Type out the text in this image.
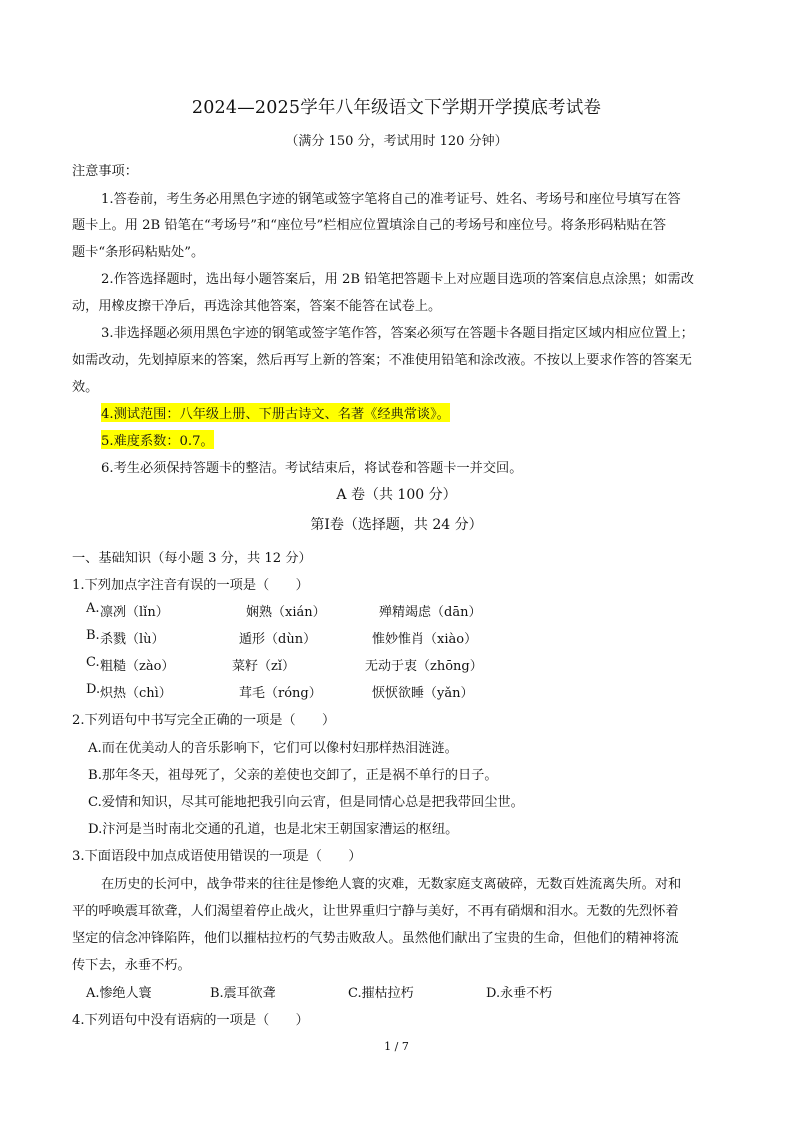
2024—2025学年八年级语文下学期开学摸底考试卷
（满分 150 分，考试用时 120 分钟）
注意事项：
1.答卷前，考生务必用黑色字迹的钢笔或签字笔将自己的准考证号、姓名、考场号和座位号填写在答
题卡上。用 2B 铅笔在“考场号”和“座位号”栏相应位置填涂自己的考场号和座位号。将条形码粘贴在答
题卡“条形码粘贴处”。
2.作答选择题时，选出每小题答案后，用 2B 铅笔把答题卡上对应题目选项的答案信息点涂黑；如需改
动，用橡皮擦干净后，再选涂其他答案，答案不能答在试卷上。
3.非选择题必须用黑色字迹的钢笔或签字笔作答，答案必须写在答题卡各题目指定区域内相应位置上；
如需改动，先划掉原来的答案，然后再写上新的答案；不准使用铅笔和涂改液。不按以上要求作答的答案无
效。
4.测试范围：八年级上册、下册古诗文、名著《经典常谈》。
5.难度系数：0.7。
6.考生必须保持答题卡的整洁。考试结束后，将试卷和答题卡一并交回。
A 卷（共 100 分）
第Ⅰ卷（选择题，共 24 分）
一、基础知识（每小题 3 分，共 12 分）
1.下列加点字注音有误的一项是（　　）
A. 凛冽（lǐn）	娴熟（xián）	殚精竭虑（dān）
B. 杀戮（lù）	遁形（dùn）	惟妙惟肖（xiào）
C. 粗糙（zào）	菜籽（zǐ）	无动于衷（zhōng）
D. 炽热（chì）	茸毛（róng）	恹恹欲睡（yǎn）
2.下列语句中书写完全正确的一项是（　　）
A.而在优美动人的音乐影响下，它们可以像村妇那样热泪涟涟。
B.那年冬天，祖母死了，父亲的差使也交卸了，正是祸不单行的日子。
C.爱情和知识，尽其可能地把我引向云宵，但是同情心总是把我带回尘世。
D.汴河是当时南北交通的孔道，也是北宋王朝国家漕运的枢纽。
3.下面语段中加点成语使用错误的一项是（　　）
在历史的长河中，战争带来的往往是惨绝人寰的灾难，无数家庭支离破碎，无数百姓流离失所。对和
平的呼唤震耳欲聋，人们渴望着停止战火，让世界重归宁静与美好，不再有硝烟和泪水。无数的先烈怀着
坚定的信念冲锋陷阵，他们以摧枯拉朽的气势击败敌人。虽然他们献出了宝贵的生命，但他们的精神将流
传下去，永垂不朽。
A.惨绝人寰	B.震耳欲聋	C.摧枯拉朽	D.永垂不朽
4.下列语句中没有语病的一项是（　　）
1 / 7
